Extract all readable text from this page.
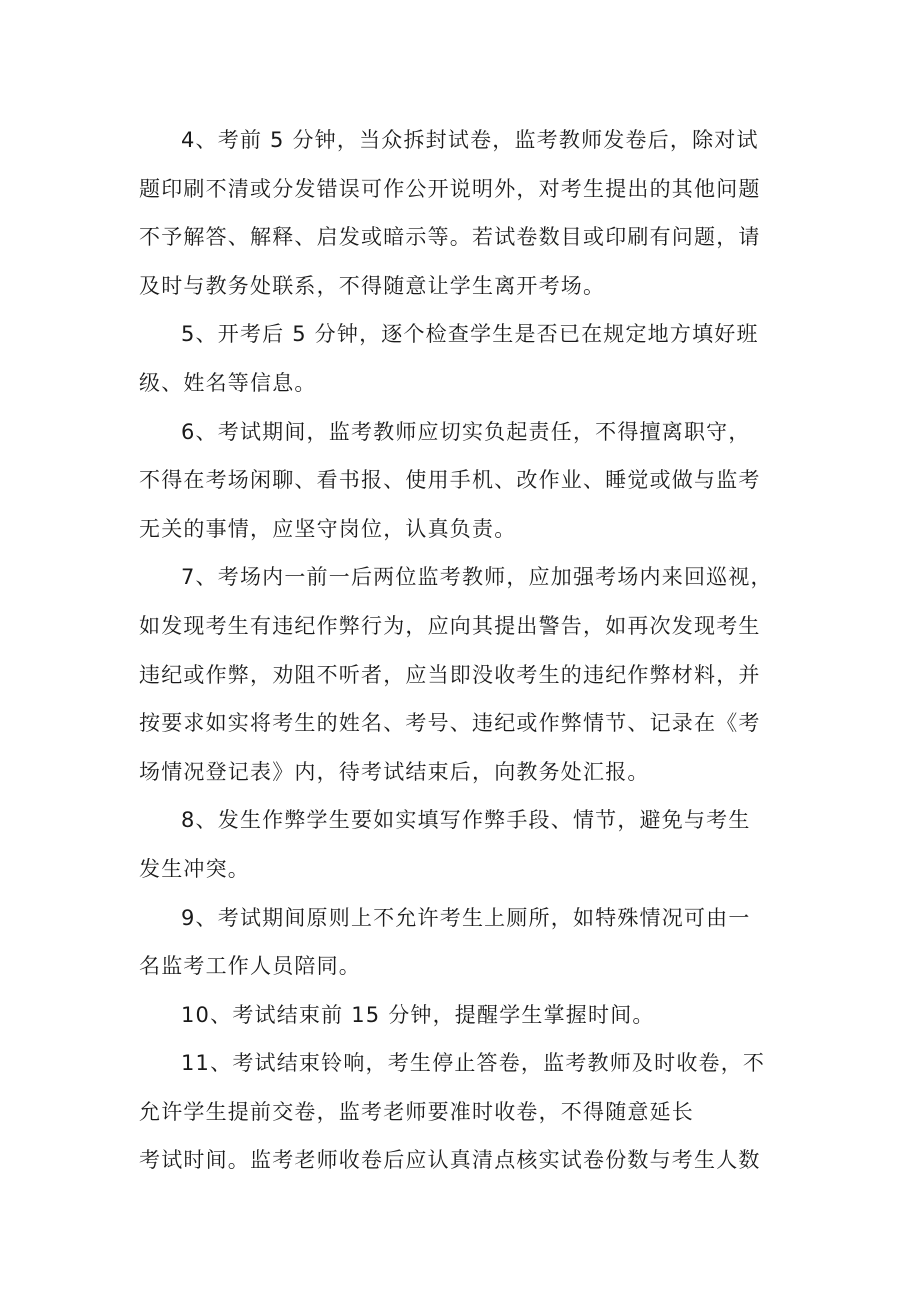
4、考前 5 分钟，当众拆封试卷，监考教师发卷后，除对试

题印刷不清或分发错误可作公开说明外，对考生提出的其他问题

不予解答、解释、启发或暗示等。若试卷数目或印刷有问题，请

及时与教务处联系，不得随意让学生离开考场。

5、开考后 5 分钟，逐个检查学生是否已在规定地方填好班

级、姓名等信息。

6、考试期间，监考教师应切实负起责任，不得擅离职守，

不得在考场闲聊、看书报、使用手机、改作业、睡觉或做与监考

无关的事情，应坚守岗位，认真负责。

7、考场内一前一后两位监考教师，应加强考场内来回巡视，

如发现考生有违纪作弊行为，应向其提出警告，如再次发现考生

违纪或作弊，劝阻不听者，应当即没收考生的违纪作弊材料，并

按要求如实将考生的姓名、考号、违纪或作弊情节、记录在《考

场情况登记表》内，待考试结束后，向教务处汇报。

8、发生作弊学生要如实填写作弊手段、情节，避免与考生

发生冲突。

9、考试期间原则上不允许考生上厕所，如特殊情况可由一

名监考工作人员陪同。

10、考试结束前 15 分钟，提醒学生掌握时间。

11、考试结束铃响，考生停止答卷，监考教师及时收卷，不

允许学生提前交卷，监考老师要准时收卷，不得随意延长

考试时间。监考老师收卷后应认真清点核实试卷份数与考生人数
